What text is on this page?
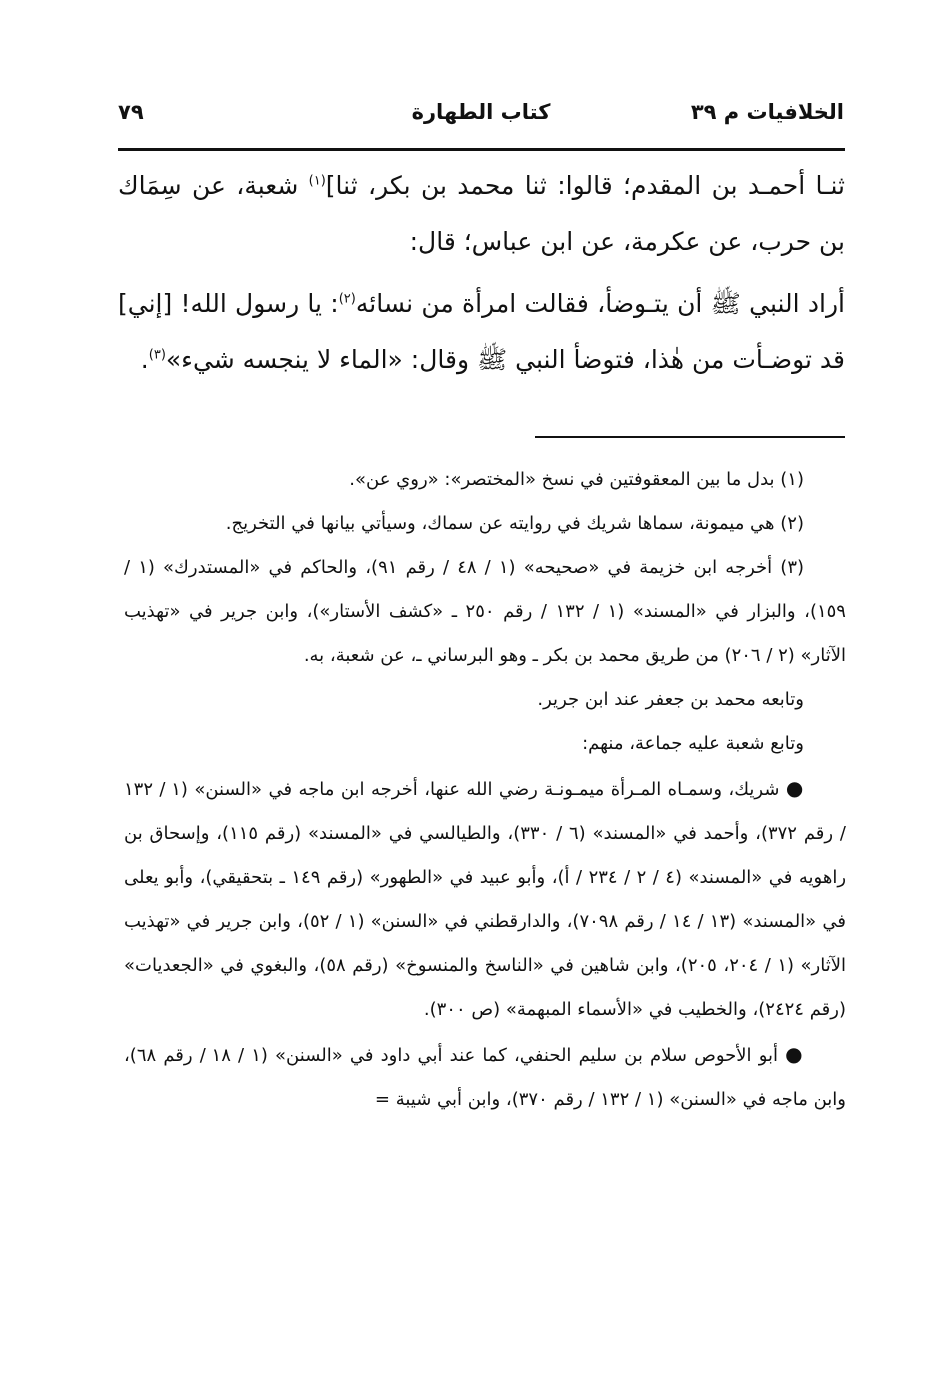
الخلافيات م ٣٩
كتاب الطهارة
٧٩

ثنـا أحمـد بن المقدم؛ قالوا: ثنا محمد بن بكر، ثنا]$^{(١)}$ شعبة، عن سِمَاك بن حرب، عن عكرمة، عن ابن عباس؛ قال:

أراد النبي ﷺ أن يتـوضأ، فقالت امرأة من نسائه$^{(٢)}$: يا رسول الله! [إني] قد توضـأت من هٰذا، فتوضأ النبي ﷺ وقال: «الماء لا ينجسه شيء»$^{(٣)}$.

(١) بدل ما بين المعقوفتين في نسخ «المختصر»: «روي عن».

(٢) هي ميمونة، سماها شريك في روايته عن سماك، وسيأتي بيانها في التخريج.

(٣) أخرجه ابن خزيمة في «صحيحه» (١ / ٤٨ / رقم ٩١)، والحاكم في «المستدرك» (١ / ١٥٩)، والبزار في «المسند» (١ / ١٣٢ / رقم ٢٥٠ ـ «كشف الأستار»)، وابن جرير في «تهذيب الآثار» (٢ / ٢٠٦) من طريق محمد بن بكر ـ وهو البرساني ـ، عن شعبة، به.

وتابعه محمد بن جعفر عند ابن جرير.

وتابع شعبة عليه جماعة، منهم:

● شريك، وسمـاه المـرأة ميمـونـة رضي الله عنها، أخرجه ابن ماجه في «السنن» (١ / ١٣٢ / رقم ٣٧٢)، وأحمد في «المسند» (٦ / ٣٣٠)، والطيالسي في «المسند» (رقم ١١٥)، وإسحاق بن راهويه في «المسند» (٤ / ٢ / ٢٣٤ / أ)، وأبو عبيد في «الطهور» (رقم ١٤٩ ـ بتحقيقي)، وأبو يعلى في «المسند» (١٣ / ١٤ / رقم ٧٠٩٨)، والدارقطني في «السنن» (١ / ٥٢)، وابن جرير في «تهذيب الآثار» (١ / ٢٠٤، ٢٠٥)، وابن شاهين في «الناسخ والمنسوخ» (رقم ٥٨)، والبغوي في «الجعديات» (رقم ٢٤٢٤)، والخطيب في «الأسماء المبهمة» (ص ٣٠٠).

● أبو الأحوص سلام بن سليم الحنفي، كما عند أبي داود في «السنن» (١ / ١٨ / رقم ٦٨)، وابن ماجه في «السنن» (١ / ١٣٢ / رقم ٣٧٠)، وابن أبي شيبة =
